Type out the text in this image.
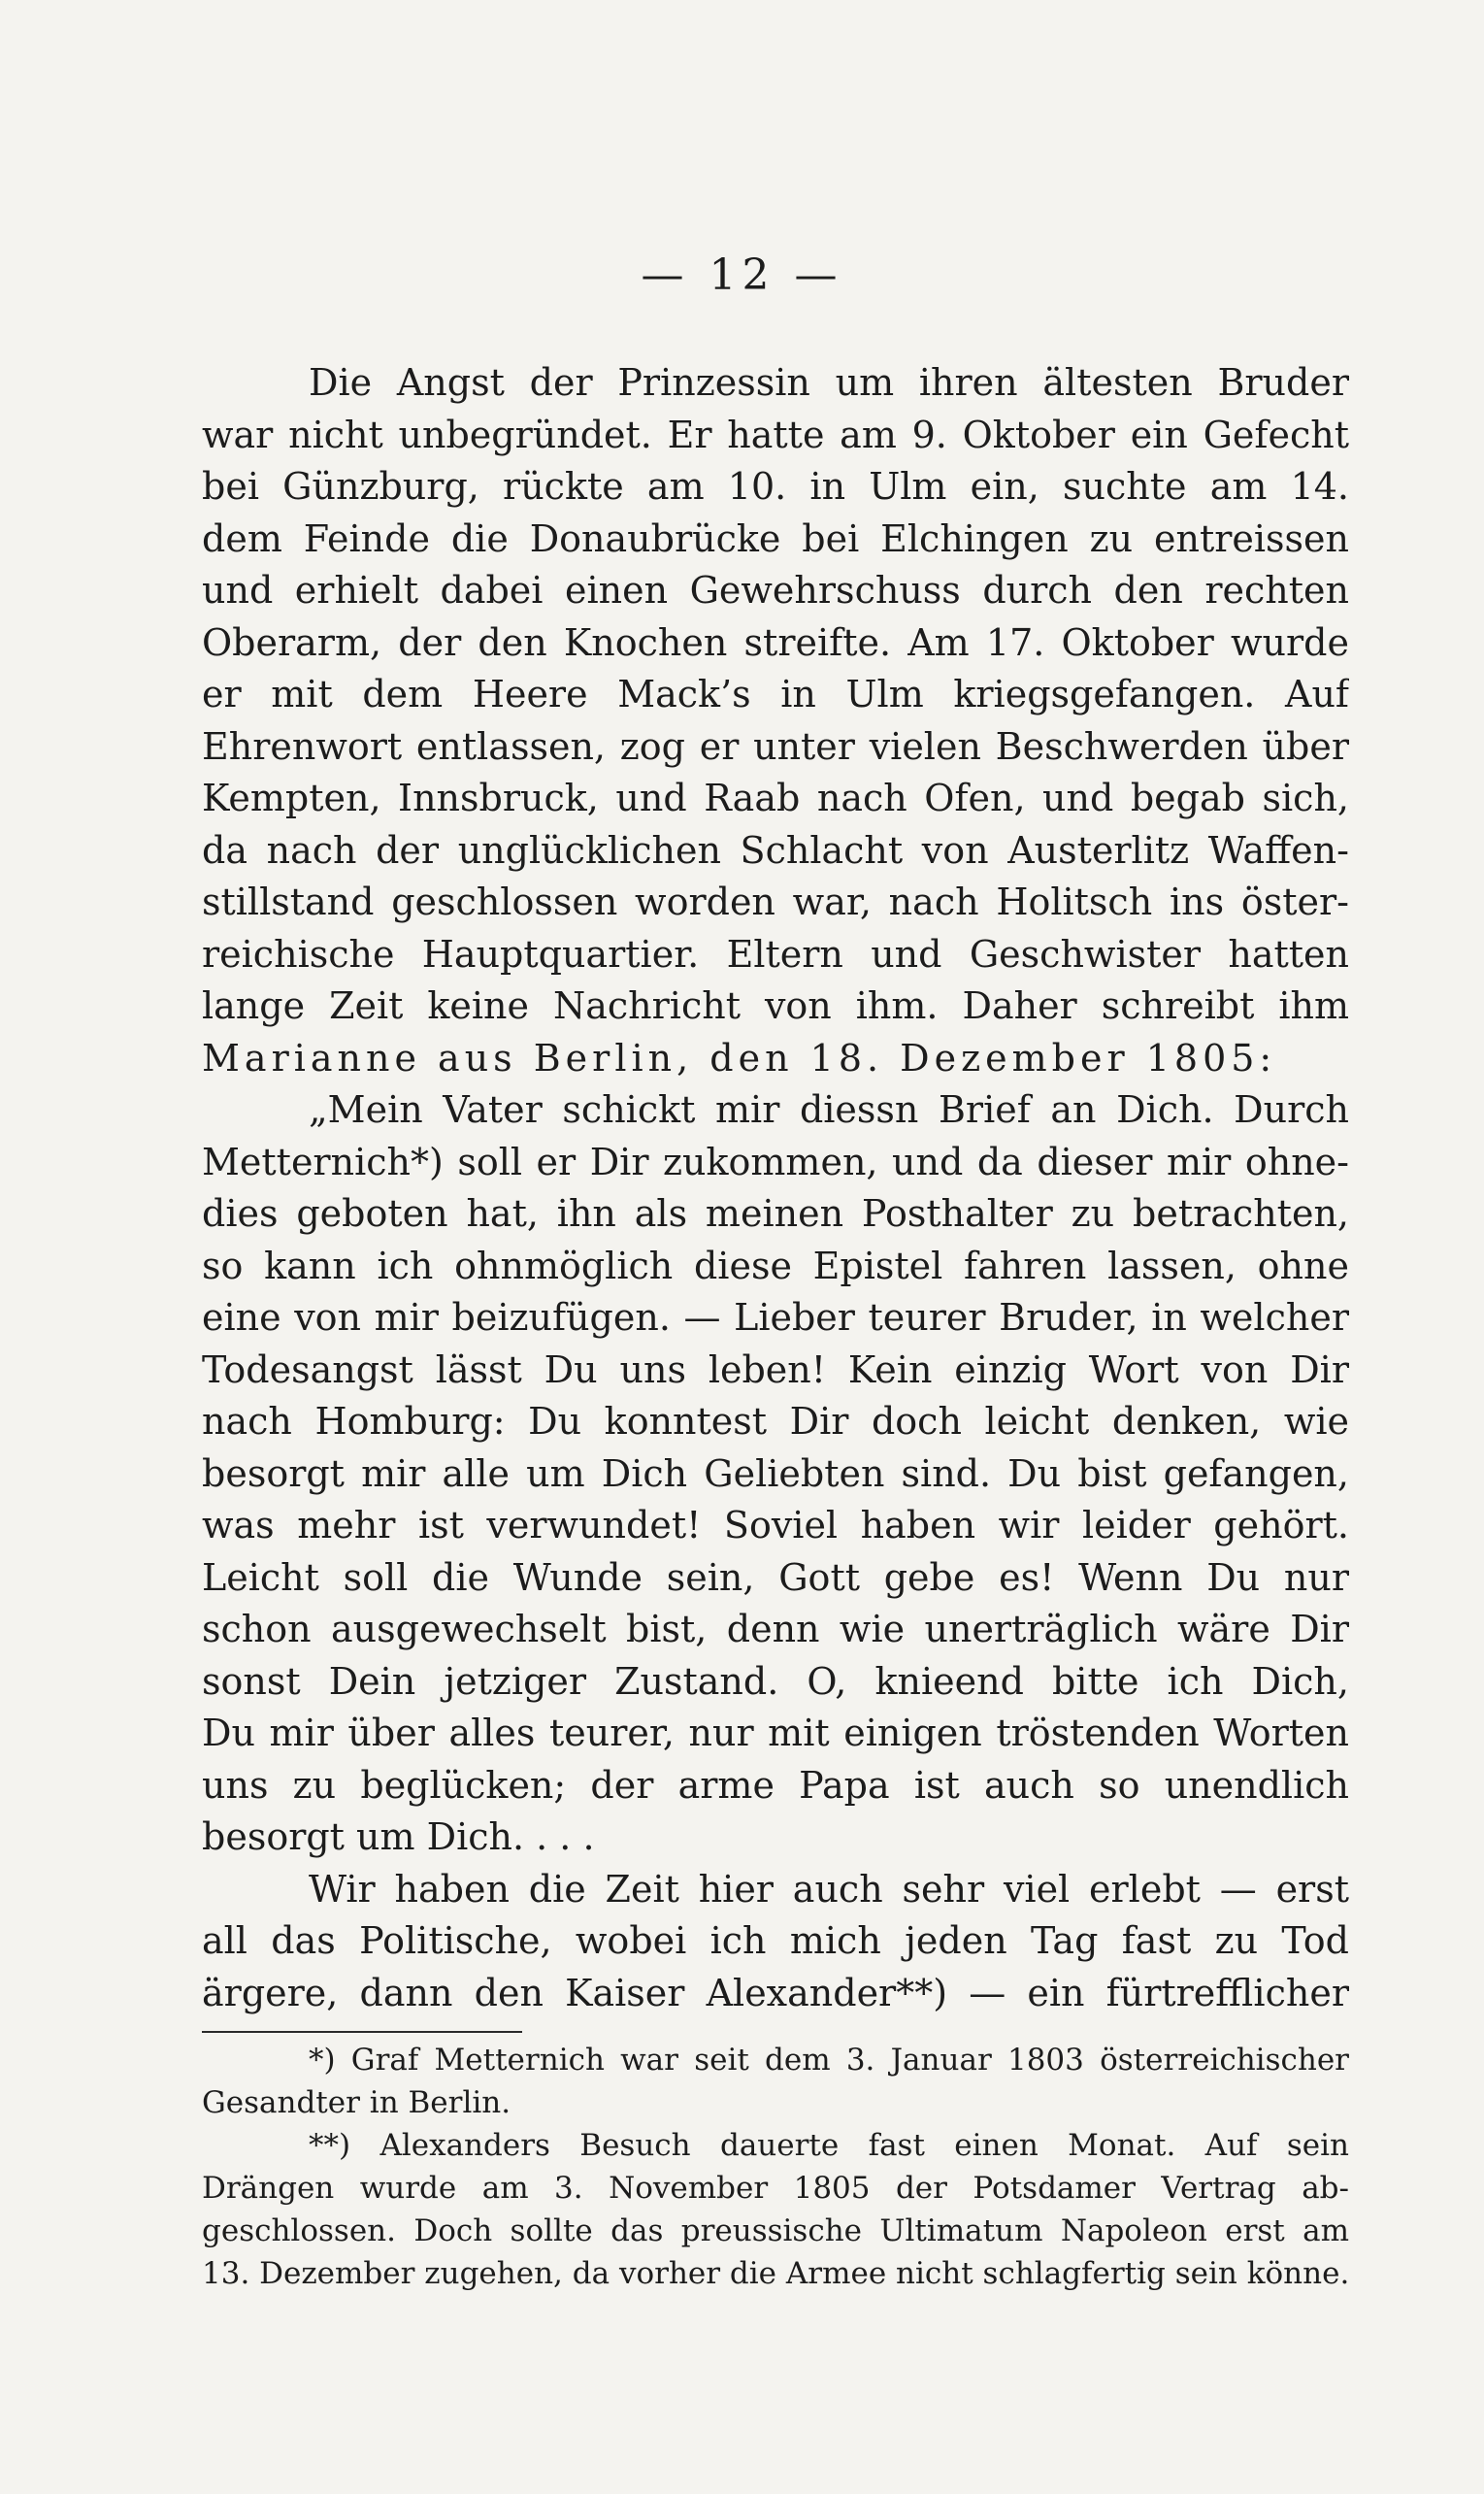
— 12 —
Die Angst der Prinzessin um ihren ältesten Bruder
war nicht unbegründet. Er hatte am 9. Oktober ein Gefecht
bei Günzburg, rückte am 10. in Ulm ein, suchte am 14.
dem Feinde die Donaubrücke bei Elchingen zu entreissen
und erhielt dabei einen Gewehrschuss durch den rechten
Oberarm, der den Knochen streifte. Am 17. Oktober wurde
er mit dem Heere Mack’s in Ulm kriegsgefangen. Auf
Ehrenwort entlassen, zog er unter vielen Beschwerden über
Kempten, Innsbruck, und Raab nach Ofen, und begab sich,
da nach der unglücklichen Schlacht von Austerlitz Waffen-
stillstand geschlossen worden war, nach Holitsch ins öster-
reichische Hauptquartier. Eltern und Geschwister hatten
lange Zeit keine Nachricht von ihm. Daher schreibt ihm
Marianne aus Berlin, den 18. Dezember 1805:
„Mein Vater schickt mir diessn Brief an Dich. Durch
Metternich*) soll er Dir zukommen, und da dieser mir ohne-
dies geboten hat, ihn als meinen Posthalter zu betrachten,
so kann ich ohnmöglich diese Epistel fahren lassen, ohne
eine von mir beizufügen. — Lieber teurer Bruder, in welcher
Todesangst lässt Du uns leben! Kein einzig Wort von Dir
nach Homburg: Du konntest Dir doch leicht denken, wie
besorgt mir alle um Dich Geliebten sind. Du bist gefangen,
was mehr ist verwundet! Soviel haben wir leider gehört.
Leicht soll die Wunde sein, Gott gebe es! Wenn Du nur
schon ausgewechselt bist, denn wie unerträglich wäre Dir
sonst Dein jetziger Zustand. O, knieend bitte ich Dich,
Du mir über alles teurer, nur mit einigen tröstenden Worten
uns zu beglücken; der arme Papa ist auch so unendlich
besorgt um Dich. . . .
Wir haben die Zeit hier auch sehr viel erlebt — erst
all das Politische, wobei ich mich jeden Tag fast zu Tod
ärgere, dann den Kaiser Alexander**) — ein fürtrefflicher
*) Graf Metternich war seit dem 3. Januar 1803 österreichischer
Gesandter in Berlin.
**) Alexanders Besuch dauerte fast einen Monat. Auf sein
Drängen wurde am 3. November 1805 der Potsdamer Vertrag ab-
geschlossen. Doch sollte das preussische Ultimatum Napoleon erst am
13. Dezember zugehen, da vorher die Armee nicht schlagfertig sein könne.
